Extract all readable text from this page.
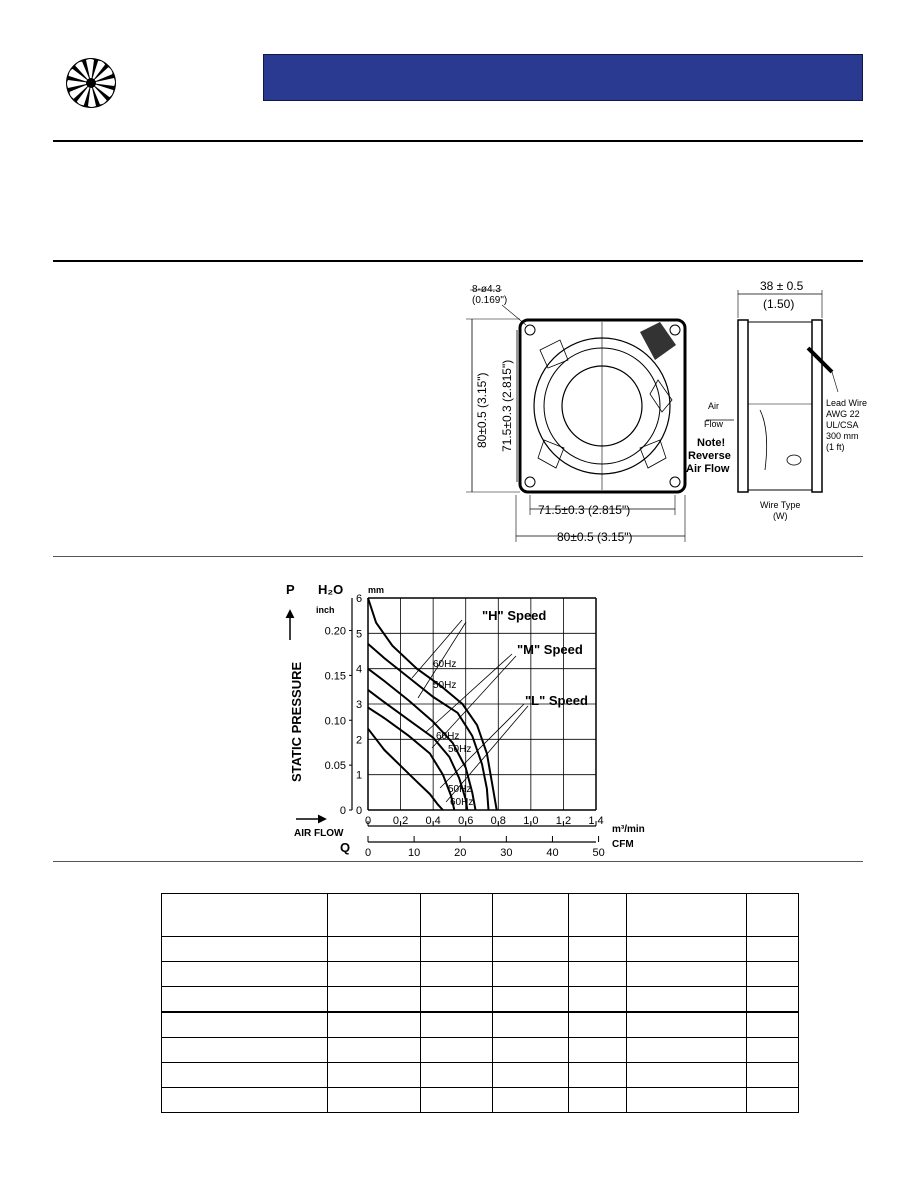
8-ø4.3
(0.169")
38 ± 0.5
(1.50)
80±0.5 (3.15") 71.5±0.3 (2.815")
71.5±0.3 (2.815")
80±0.5 (3.15")
Air
Flow
Note!
Reverse
Air Flow
Lead Wire
AWG 22
UL/CSA
300 mm
(1 ft)
Wire Type
(W)
0
1
2
3
4
5
6
0
0.05
0.10
0.15
0.20
0 0.2 0.4 0.6 0.8 1.0 1.2 1.4
0	10	20	30	40	50
P H₂O	mm
inch
STATIC PRESSURE
AIR FLOW
Q
m³/min
CFM
"H" Speed
"M" Speed
"L" Speed
60Hz
50Hz
60Hz
50Hz
50Hz
60Hz
